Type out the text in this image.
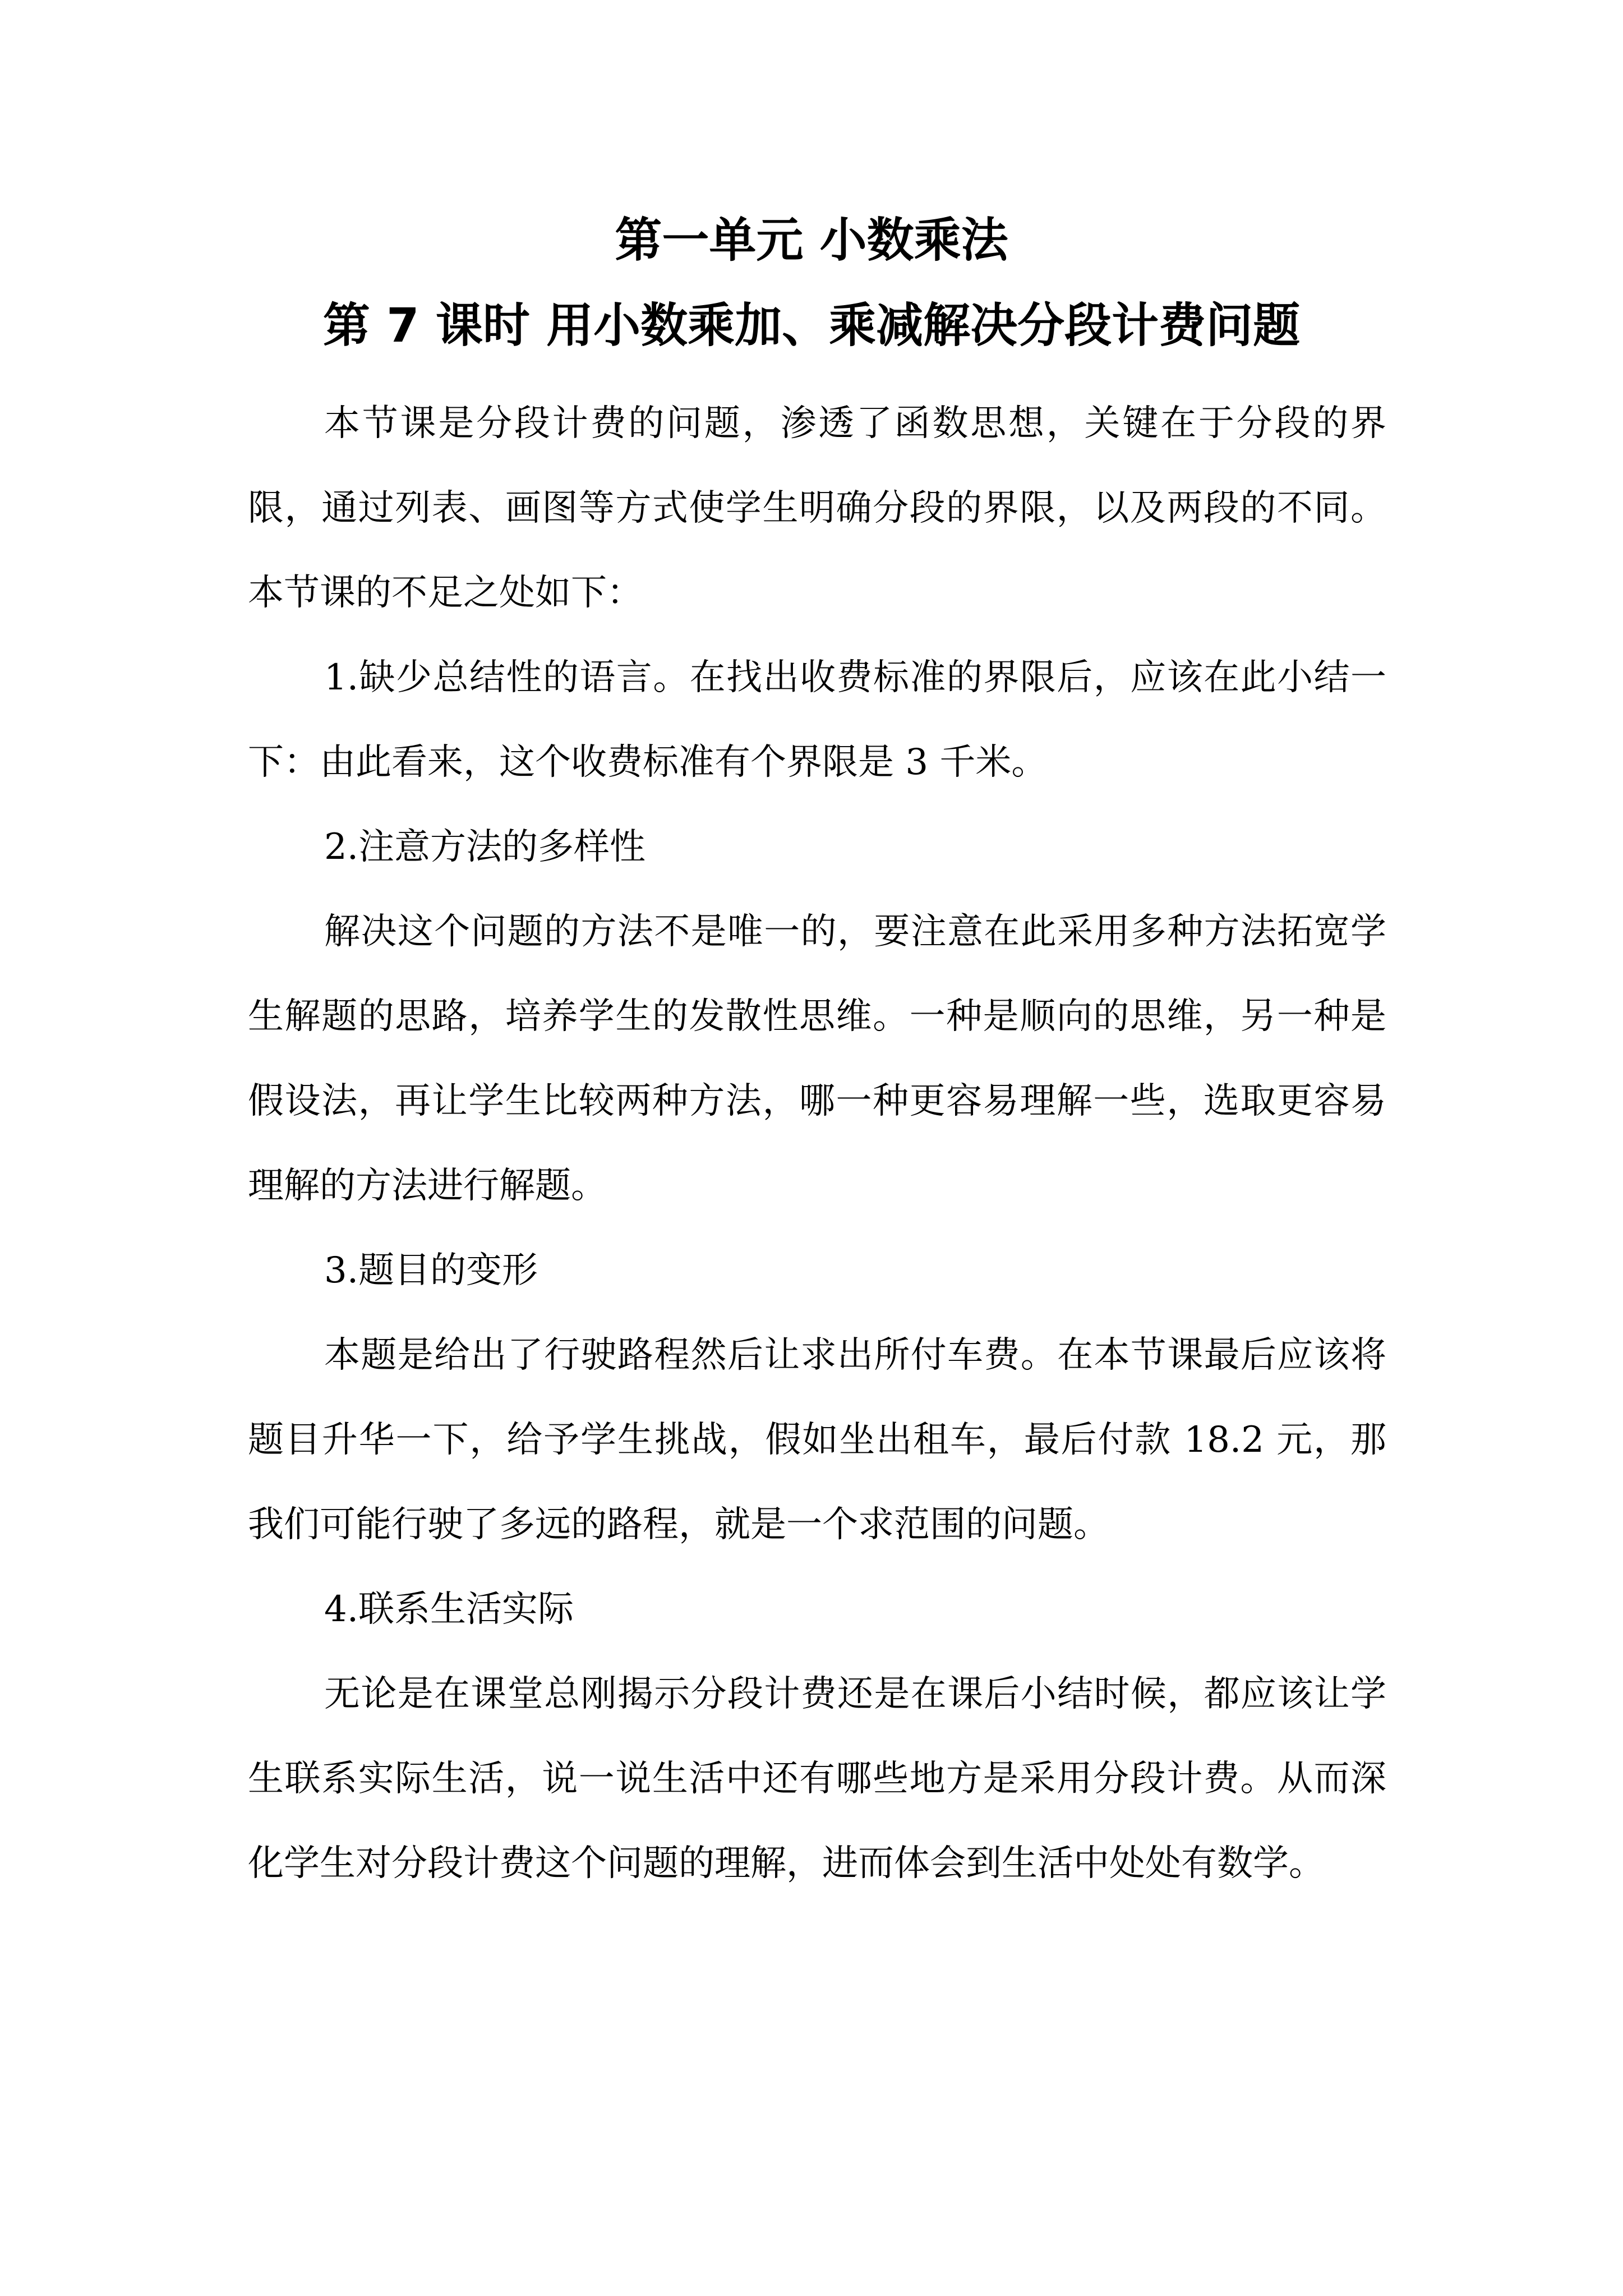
第一单元 小数乘法
第 7 课时 用小数乘加、乘减解决分段计费问题

本节课是分段计费的问题，渗透了函数思想，关键在于分段的界限，通过列表、画图等方式使学生明确分段的界限，以及两段的不同。本节课的不足之处如下：

1.缺少总结性的语言。在找出收费标准的界限后，应该在此小结一下：由此看来，这个收费标准有个界限是 3 千米。

2.注意方法的多样性

解决这个问题的方法不是唯一的，要注意在此采用多种方法拓宽学生解题的思路，培养学生的发散性思维。一种是顺向的思维，另一种是假设法，再让学生比较两种方法，哪一种更容易理解一些，选取更容易理解的方法进行解题。

3.题目的变形

本题是给出了行驶路程然后让求出所付车费。在本节课最后应该将题目升华一下，给予学生挑战，假如坐出租车，最后付款 18.2 元，那我们可能行驶了多远的路程，就是一个求范围的问题。

4.联系生活实际

无论是在课堂总刚揭示分段计费还是在课后小结时候，都应该让学生联系实际生活，说一说生活中还有哪些地方是采用分段计费。从而深化学生对分段计费这个问题的理解，进而体会到生活中处处有数学。
